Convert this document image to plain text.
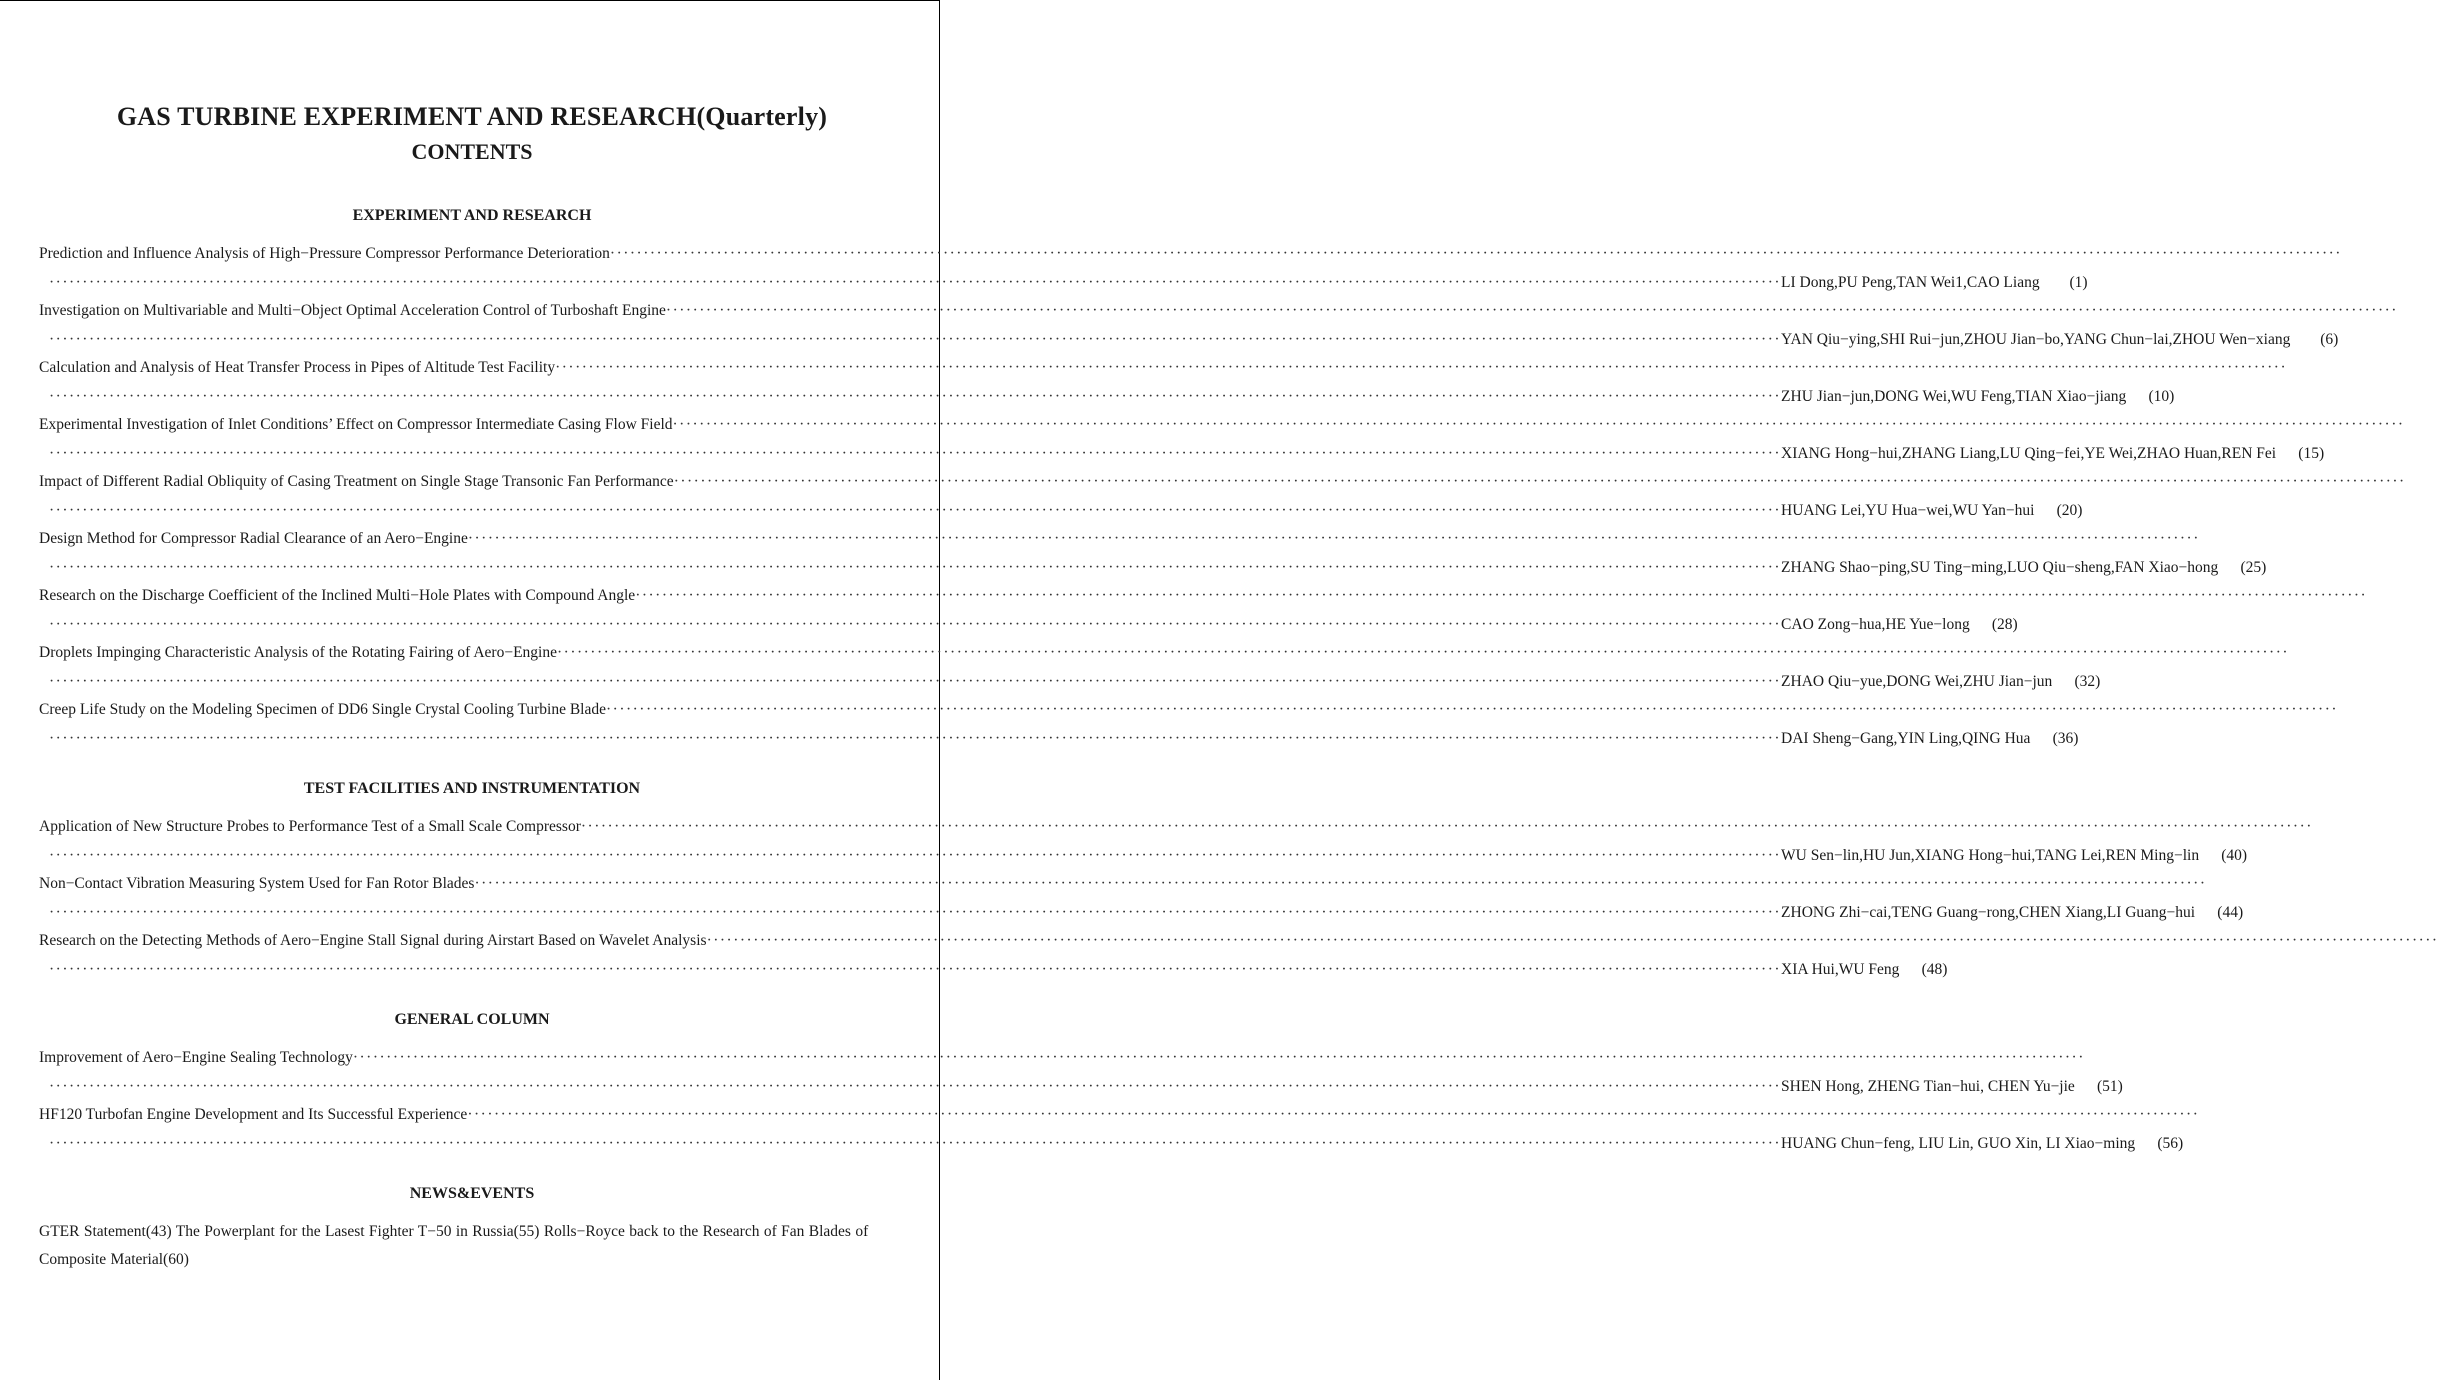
GAS TURBINE EXPERIMENT AND RESEARCH(Quarterly)
CONTENTS
EXPERIMENT AND RESEARCH
Prediction and Influence Analysis of High−Pressure Compressor Performance Deterioration ····································································································································································································································································
···································································································································································································································································· LI Dong,PU Peng,TAN Wei1,CAO Liang	(1)
Investigation on Multivariable and Multi−Object Optimal Acceleration Control of Turboshaft Engine ····································································································································································································································································
···································································································································································································································································· YAN Qiu−ying,SHI Rui−jun,ZHOU Jian−bo,YANG Chun−lai,ZHOU Wen−xiang	(6)
Calculation and Analysis of Heat Transfer Process in Pipes of Altitude Test Facility ····································································································································································································································································
···································································································································································································································································· ZHU Jian−jun,DONG Wei,WU Feng,TIAN Xiao−jiang	(10)
Experimental Investigation of Inlet Conditions’ Effect on Compressor Intermediate Casing Flow Field ····································································································································································································································································
···································································································································································································································································· XIANG Hong−hui,ZHANG Liang,LU Qing−fei,YE Wei,ZHAO Huan,REN Fei	(15)
Impact of Different Radial Obliquity of Casing Treatment on Single Stage Transonic Fan Performance ····································································································································································································································································
···································································································································································································································································· HUANG Lei,YU Hua−wei,WU Yan−hui	(20)
Design Method for Compressor Radial Clearance of an Aero−Engine ····································································································································································································································································
···································································································································································································································································· ZHANG Shao−ping,SU Ting−ming,LUO Qiu−sheng,FAN Xiao−hong	(25)
Research on the Discharge Coefficient of the Inclined Multi−Hole Plates with Compound Angle ····································································································································································································································································
···································································································································································································································································· CAO Zong−hua,HE Yue−long	(28)
Droplets Impinging Characteristic Analysis of the Rotating Fairing of Aero−Engine ····································································································································································································································································
···································································································································································································································································· ZHAO Qiu−yue,DONG Wei,ZHU Jian−jun	(32)
Creep Life Study on the Modeling Specimen of DD6 Single Crystal Cooling Turbine Blade ····································································································································································································································································
···································································································································································································································································· DAI Sheng−Gang,YIN Ling,QING Hua	(36)
TEST FACILITIES AND INSTRUMENTATION
Application of New Structure Probes to Performance Test of a Small Scale Compressor ····································································································································································································································································
···································································································································································································································································· WU Sen−lin,HU Jun,XIANG Hong−hui,TANG Lei,REN Ming−lin	(40)
Non−Contact Vibration Measuring System Used for Fan Rotor Blades ····································································································································································································································································
···································································································································································································································································· ZHONG Zhi−cai,TENG Guang−rong,CHEN Xiang,LI Guang−hui	(44)
Research on the Detecting Methods of Aero−Engine Stall Signal during Airstart Based on Wavelet Analysis ····································································································································································································································································
···································································································································································································································································· XIA Hui,WU Feng	(48)
GENERAL COLUMN
Improvement of Aero−Engine Sealing Technology ····································································································································································································································································
···································································································································································································································································· SHEN Hong, ZHENG Tian−hui, CHEN Yu−jie	(51)
HF120 Turbofan Engine Development and Its Successful Experience ····································································································································································································································································
···································································································································································································································································· HUANG Chun−feng, LIU Lin, GUO Xin, LI Xiao−ming	(56)
NEWS&EVENTS

GTER Statement(43) The Powerplant for the Lasest Fighter T−50 in Russia(55) Rolls−Royce back to the Research of Fan Blades of Composite Material(60)
